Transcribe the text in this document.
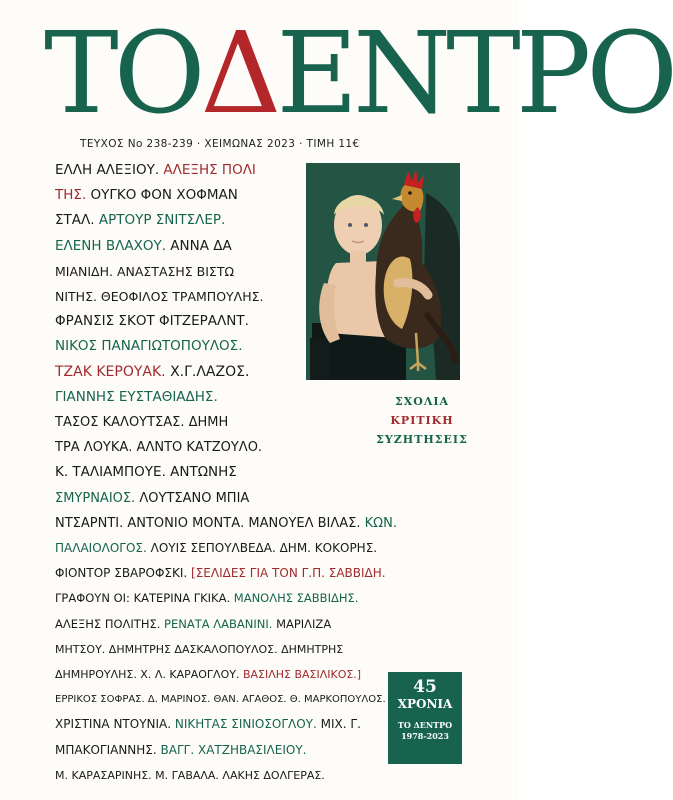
ΤΟΔΕΝΤΡΟ
ΤΕΥΧΟΣ Νο 238-239 · ΧΕΙΜΩΝΑΣ 2023 · ΤΙΜΗ 11€
ΕΛΛΗ ΑΛΕΞΙΟΥ. ΑΛΕΞΗΣ ΠΟΛΙ
ΤΗΣ. ΟΥΓΚΟ ΦΟΝ ΧΟΦΜΑΝ
ΣΤΑΛ. ΑΡΤΟΥΡ ΣΝΙΤΣΛΕΡ.
ΕΛΕΝΗ ΒΛΑΧΟΥ. ΑΝΝΑ ΔΑ
ΜΙΑΝΙΔΗ. ΑΝΑΣΤΑΣΗΣ ΒΙΣΤΩ
ΝΙΤΗΣ. ΘΕΟΦΙΛΟΣ ΤΡΑΜΠΟΥΛΗΣ.
ΦΡΑΝΣΙΣ ΣΚΟΤ ΦΙΤΖΕΡΑΛΝΤ.
ΝΙΚΟΣ ΠΑΝΑΓΙΩΤΟΠΟΥΛΟΣ.
ΤΖΑΚ ΚΕΡΟΥΑΚ. Χ.Γ.ΛΑΖΟΣ.
ΓΙΑΝΝΗΣ ΕΥΣΤΑΘΙΑΔΗΣ.
ΤΑΣΟΣ ΚΑΛΟΥΤΣΑΣ. ΔΗΜΗ
ΤΡΑ ΛΟΥΚΑ. ΑΛΝΤΟ ΚΑΤΖΟΥΛΟ.
Κ. ΤΑΛΙΑΜΠΟΥΕ. ΑΝΤΩΝΗΣ
ΣΜΥΡΝΑΙΟΣ. ΛΟΥΤΣΑΝΟ ΜΠΙΑ
ΝΤΣΑΡΝΤΙ. ΑΝΤΟΝΙΟ ΜΟΝΤΑ. ΜΑΝΟΥΕΛ ΒΙΛΑΣ. ΚΩΝ.
ΠΑΛΑΙΟΛΟΓΟΣ. ΛΟΥΙΣ ΣΕΠΟΥΛΒΕΔΑ. ΔΗΜ. ΚΟΚΟΡΗΣ.
ΦΙΟΝΤΟΡ ΣΒΑΡΟΦΣΚΙ. [ΣΕΛΙΔΕΣ ΓΙΑ ΤΟΝ Γ.Π. ΣΑΒΒΙΔΗ.
ΓΡΑΦΟΥΝ ΟΙ: ΚΑΤΕΡΙΝΑ ΓΚΙΚΑ. ΜΑΝΟΛΗΣ ΣΑΒΒΙΔΗΣ.
ΑΛΕΞΗΣ ΠΟΛΙΤΗΣ. ΡΕΝΑΤΑ ΛΑΒΑΝΙΝΙ. ΜΑΡΙΛΙΖΑ
ΜΗΤΣΟΥ. ΔΗΜΗΤΡΗΣ ΔΑΣΚΑΛΟΠΟΥΛΟΣ. ΔΗΜΗΤΡΗΣ
ΔΗΜΗΡΟΥΛΗΣ. Χ. Λ. ΚΑΡΑΟΓΛΟΥ. ΒΑΣΙΛΗΣ ΒΑΣΙΛΙΚΟΣ.]
ΕΡΡΙΚΟΣ ΣΟΦΡΑΣ. Δ. ΜΑΡΙΝΟΣ. ΘΑΝ. ΑΓΑΘΟΣ. Θ. ΜΑΡΚΟΠΟΥΛΟΣ.
ΧΡΙΣΤΙΝΑ ΝΤΟΥΝΙΑ. ΝΙΚΗΤΑΣ ΣΙΝΙΟΣΟΓΛΟΥ. ΜΙΧ. Γ.
ΜΠΑΚΟΓΙΑΝΝΗΣ. ΒΑΓΓ. ΧΑΤΖΗΒΑΣΙΛΕΙΟΥ.
Μ. ΚΑΡΑΣΑΡΙΝΗΣ. Μ. ΓΑΒΑΛΑ. ΛΑΚΗΣ ΔΟΛΓΕΡΑΣ.
ΣΧΟΛΙΑ
ΚΡΙΤΙΚΗ
ΣΥΖΗΤΗΣΕΙΣ
45
ΧΡΟΝΙΑ
ΤΟ ΔΕΝΤΡΟ
1978-2023
